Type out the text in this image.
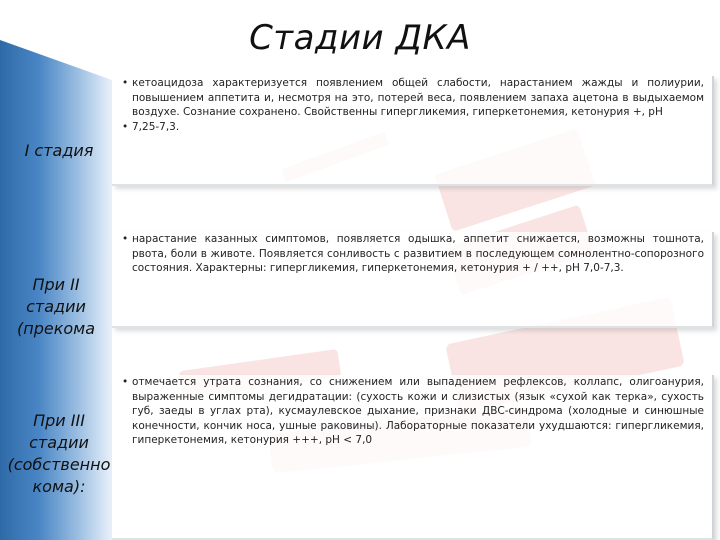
Стадии ДКА
I стадия
При II стадии (прекома
При III стадии (собственно кома):
• кетоацидоза характеризуется появлением общей слабости, нарастанием жажды и полиурии, повышением аппетита и, несмотря на это, потерей веса, появлением запаха ацетона в выдыхаемом воздухе. Сознание сохранено. Свойственны гипергликемия, гиперкетонемия, кетонурия +, рН
• 7,25-7,3.
• нарастание казанных симптомов, появляется одышка, аппетит снижается, возможны тошнота, рвота, боли в животе. Появляется сонливость с развитием в последующем сомнолентно-сопорозного состояния. Характерны: гипергликемия, гиперкетонемия, кетонурия + / ++, рН 7,0-7,3.
• отмечается утрата сознания, со снижением или выпадением рефлексов, коллапс, олигоанурия, выраженные симптомы дегидратации: (сухость кожи и слизистых (язык «сухой как терка», сухость губ, заеды в углах рта), кусмаулевское дыхание, признаки ДВС-синдрома (холодные и синюшные конечности, кончик носа, ушные раковины). Лабораторные показатели ухудшаются: гипергликемия, гиперкетонемия, кетонурия +++, рН < 7,0
